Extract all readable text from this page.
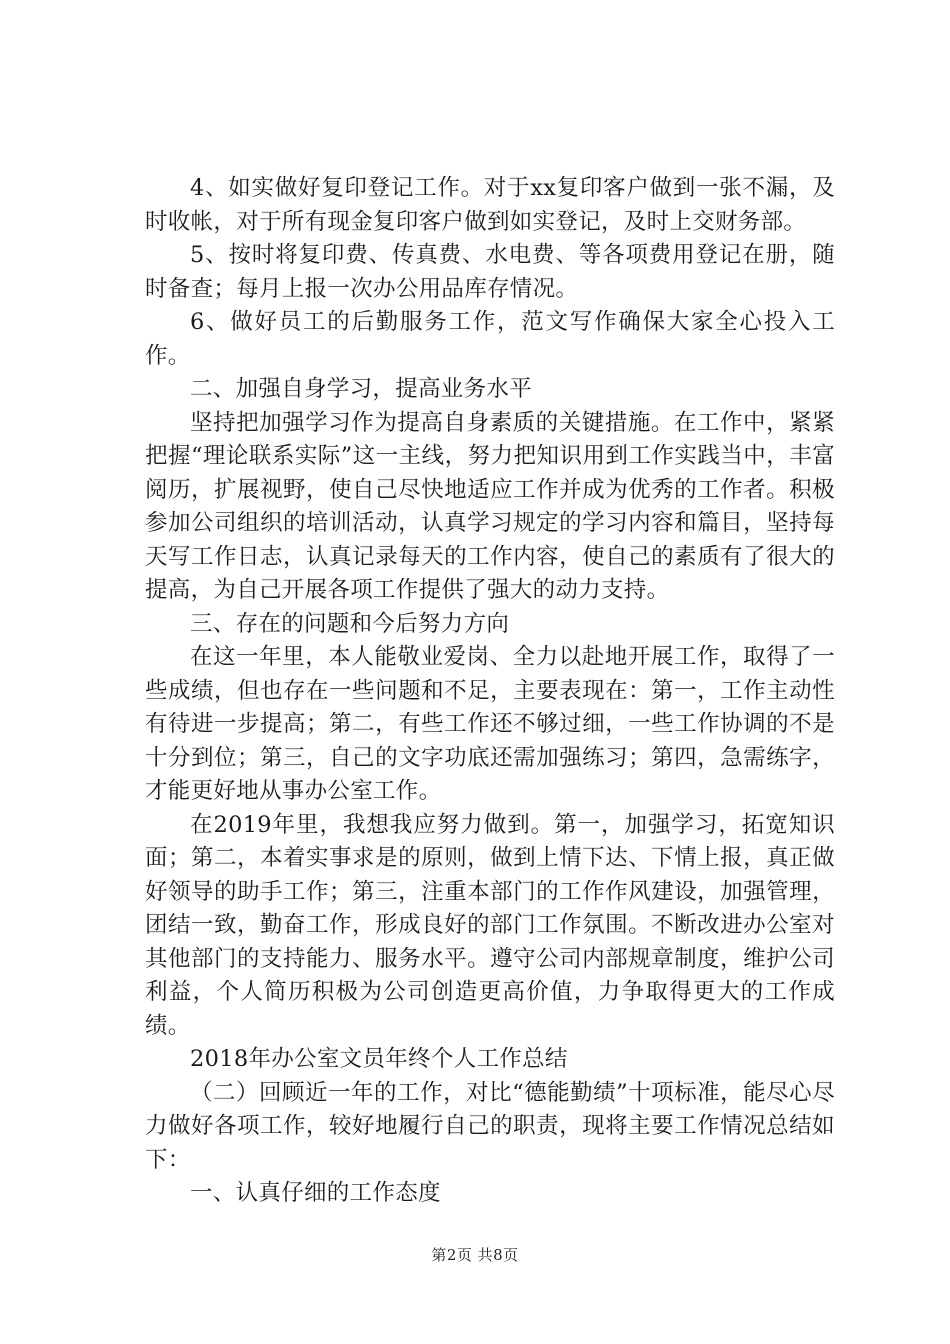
4、如实做好复印登记工作。对于xx复印客户做到一张不漏，及时收帐，对于所有现金复印客户做到如实登记，及时上交财务部。

5、按时将复印费、传真费、水电费、等各项费用登记在册，随时备查；每月上报一次办公用品库存情况。

6、做好员工的后勤服务工作，范文写作确保大家全心投入工作。

二、加强自身学习，提高业务水平

坚持把加强学习作为提高自身素质的关键措施。在工作中，紧紧把握“理论联系实际”这一主线，努力把知识用到工作实践当中，丰富阅历，扩展视野，使自己尽快地适应工作并成为优秀的工作者。积极参加公司组织的培训活动，认真学习规定的学习内容和篇目，坚持每天写工作日志，认真记录每天的工作内容，使自己的素质有了很大的提高，为自己开展各项工作提供了强大的动力支持。

三、存在的问题和今后努力方向

在这一年里，本人能敬业爱岗、全力以赴地开展工作，取得了一些成绩，但也存在一些问题和不足，主要表现在：第一，工作主动性有待进一步提高；第二，有些工作还不够过细，一些工作协调的不是十分到位；第三，自己的文字功底还需加强练习；第四，急需练字，才能更好地从事办公室工作。

在2019年里，我想我应努力做到。第一，加强学习，拓宽知识面；第二，本着实事求是的原则，做到上情下达、下情上报，真正做好领导的助手工作；第三，注重本部门的工作作风建设，加强管理，团结一致，勤奋工作，形成良好的部门工作氛围。不断改进办公室对其他部门的支持能力、服务水平。遵守公司内部规章制度，维护公司利益，个人简历积极为公司创造更高价值，力争取得更大的工作成绩。

2018年办公室文员年终个人工作总结

（二）回顾近一年的工作，对比“德能勤绩”十项标准，能尽心尽力做好各项工作，较好地履行自己的职责，现将主要工作情况总结如下：

一、认真仔细的工作态度

第2页 共8页
